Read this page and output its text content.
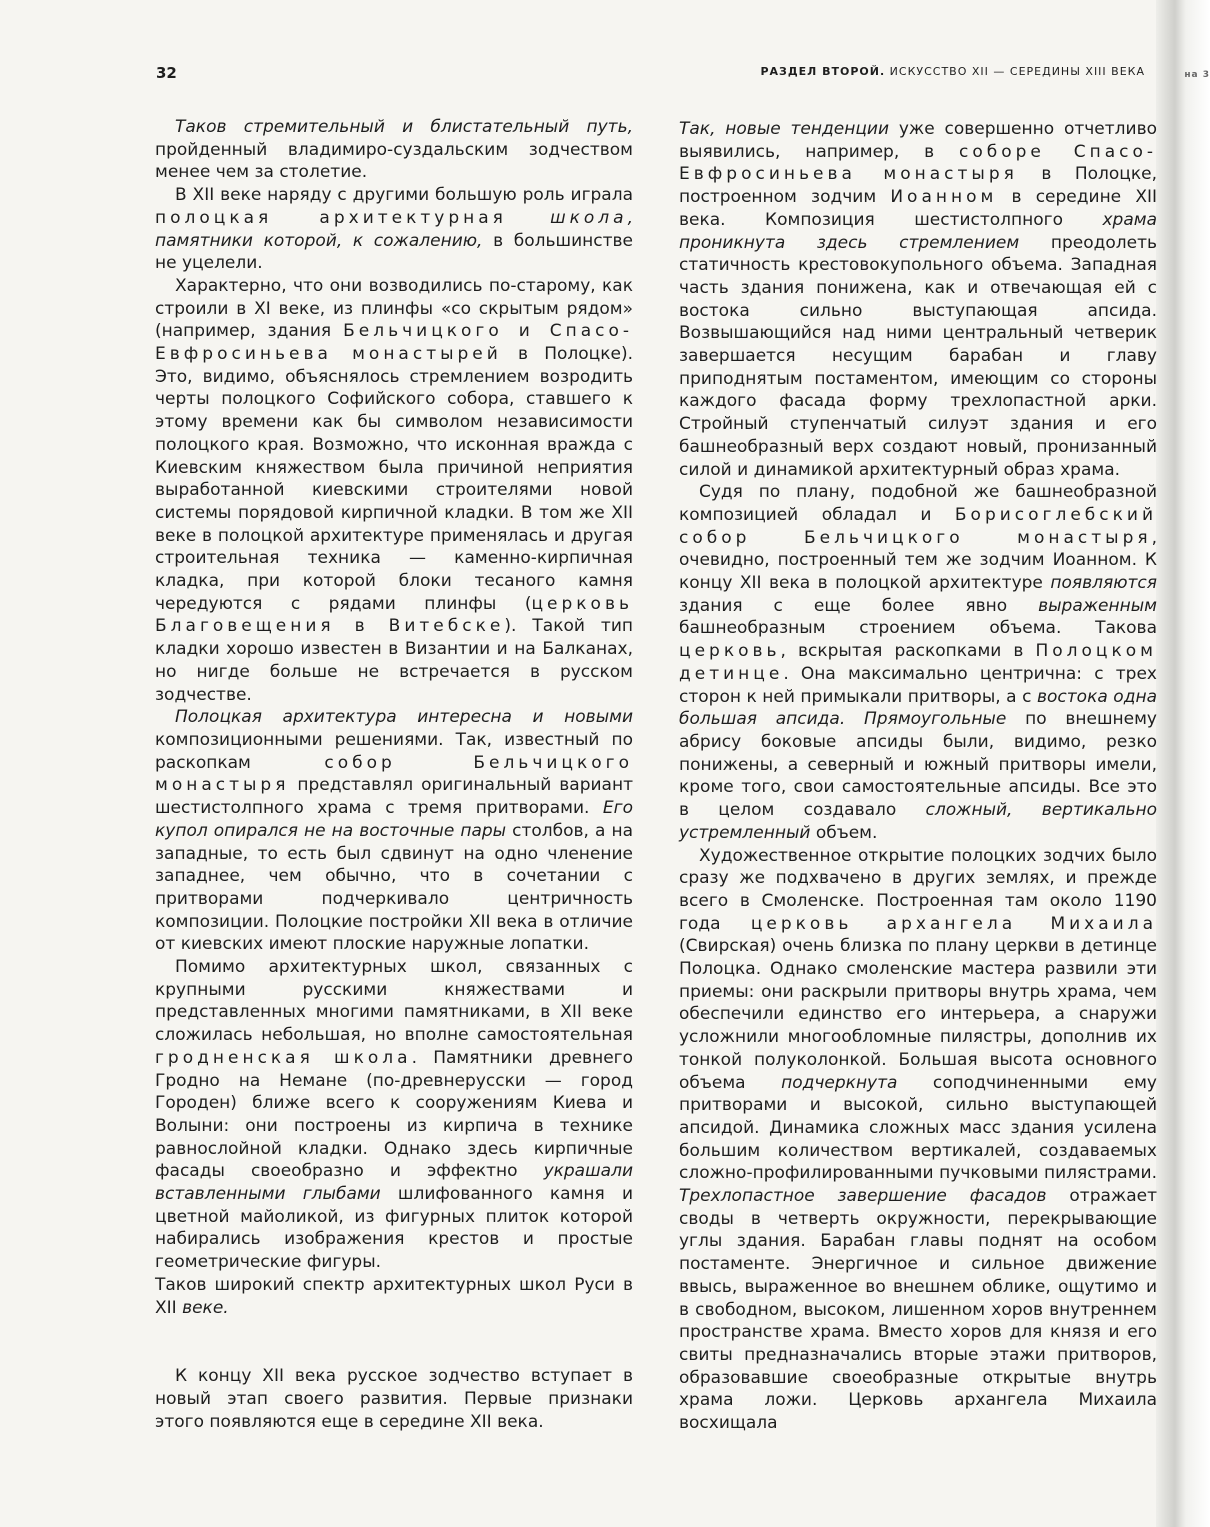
на 3
32	РАЗДЕЛ ВТОРОЙ. ИСКУССТВО XII — СЕРЕДИНЫ XIII ВЕКА

Таков стремительный и блистательный путь, пройденный владимиро-суздальским зодчеством менее чем за столетие.

В XII веке наряду с другими большую роль играла полоцкая архитектурная	школа, памятники которой, к сожалению, в большинстве не уцелели.

Характерно, что они возводились по-старому, как строили в XI веке, из плинфы «со скрытым рядом» (например, здания Бельчицкого и Спасо-Евфросиньева монастырей в Полоцке). Это, видимо, объяснялось стремлением возродить черты полоцкого Софийского собора, ставшего к этому времени как бы символом независимости полоцкого края. Возможно, что исконная вражда с Киевским княжеством была причиной неприятия выработанной киевскими строителями новой системы порядовой кирпичной кладки. В том же XII веке в полоцкой архитектуре применялась и другая строительная техника — каменно-кирпичная кладка, при которой блоки тесаного камня чередуются с рядами плинфы (церковь Благовещения в Витебске). Такой тип кладки хорошо известен в Византии и на Балканах, но нигде больше не встречается в русском зодчестве.

Полоцкая архитектура интересна и новыми композиционными решениями. Так, известный по раскопкам собор Бельчицкого монастыря представлял оригинальный вариант шестистолпного храма с тремя притворами. Его купол опирался не на восточные пары столбов, а на западные, то есть был сдвинут на одно членение западнее, чем обычно, что в сочетании с притворами подчеркивало центричность композиции. Полоцкие постройки XII века в отличие от киевских имеют плоские наружные лопатки.

Помимо архитектурных школ, связанных с крупными русскими княжествами и представленных многими памятниками, в XII веке сложилась небольшая, но вполне самостоятельная гродненская школа. Памятники древнего Гродно на Немане (по-древнерусски — город Городен) ближе всего к сооружениям Киева и Волыни: они построены из кирпича в технике равнослойной кладки. Однако здесь кирпичные фасады своеобразно и эффектно украшали вставленными глыбами шлифованного камня и цветной майоликой, из фигурных плиток которой набирались изображения крестов и простые геометрические фигуры.

Таков широкий спектр архитектурных школ Руси в XII веке.

К концу XII века русское зодчество вступает в новый этап своего развития. Первые признаки этого появляются еще в середине XII века.

Так, новые тенденции уже совершенно отчетливо выявились, например, в соборе Спасо-Евфросиньева монастыря в Полоцке, построенном зодчим Иоанном в середине XII века. Композиция шестистолпного храма проникнута здесь стремлением преодолеть статичность крестовокупольного объема. Западная часть здания понижена, как и отвечающая ей с востока сильно выступающая апсида. Возвышающийся над ними центральный четверик завершается несущим барабан и главу приподнятым постаментом, имеющим со стороны каждого фасада форму трехлопастной арки. Стройный ступенчатый силуэт здания и его башнеобразный верх создают новый, пронизанный силой и динамикой архитектурный образ храма.

Судя по плану, подобной же башнеобразной композицией обладал и Борисоглебский собор Бельчицкого монастыря, очевидно, построенный тем же зодчим Иоанном. К концу XII века в полоцкой архитектуре появляются здания с еще более явно выраженным башнеобразным строением объема. Такова церковь, вскрытая раскопками в Полоцком детинце. Она максимально центрична: с трех сторон к ней примыкали притворы, а с востока одна большая апсида. Прямоугольные по внешнему абрису боковые апсиды были, видимо, резко понижены, а северный и южный притворы имели, кроме того, свои самостоятельные апсиды. Все это в целом создавало сложный, вертикально устремленный объем.

Художественное открытие полоцких зодчих было сразу же подхвачено в других землях, и прежде всего в Смоленске. Построенная там около 1190 года церковь архангела Михаила (Свирская) очень близка по плану церкви в детинце Полоцка. Однако смоленские мастера развили эти приемы: они раскрыли притворы внутрь храма, чем обеспечили единство его интерьера, а снаружи усложнили многообломные пилястры, дополнив их тонкой полуколонкой. Большая высота основного объема подчеркнута соподчиненными ему притворами и высокой, сильно выступающей апсидой. Динамика сложных масс здания усилена большим количеством вертикалей, создаваемых сложно-профилированными пучковыми пилястрами. Трехлопастное завершение фасадов отражает своды в четверть окружности, перекрывающие углы здания. Барабан главы поднят на особом постаменте. Энергичное и сильное движение ввысь, выраженное во внешнем облике, ощутимо и в свободном, высоком, лишенном хоров внутреннем пространстве храма. Вместо хоров для князя и его свиты предназначались вторые этажи притворов, образовавшие своеобразные открытые внутрь храма ложи. Церковь архангела Михаила восхищала
